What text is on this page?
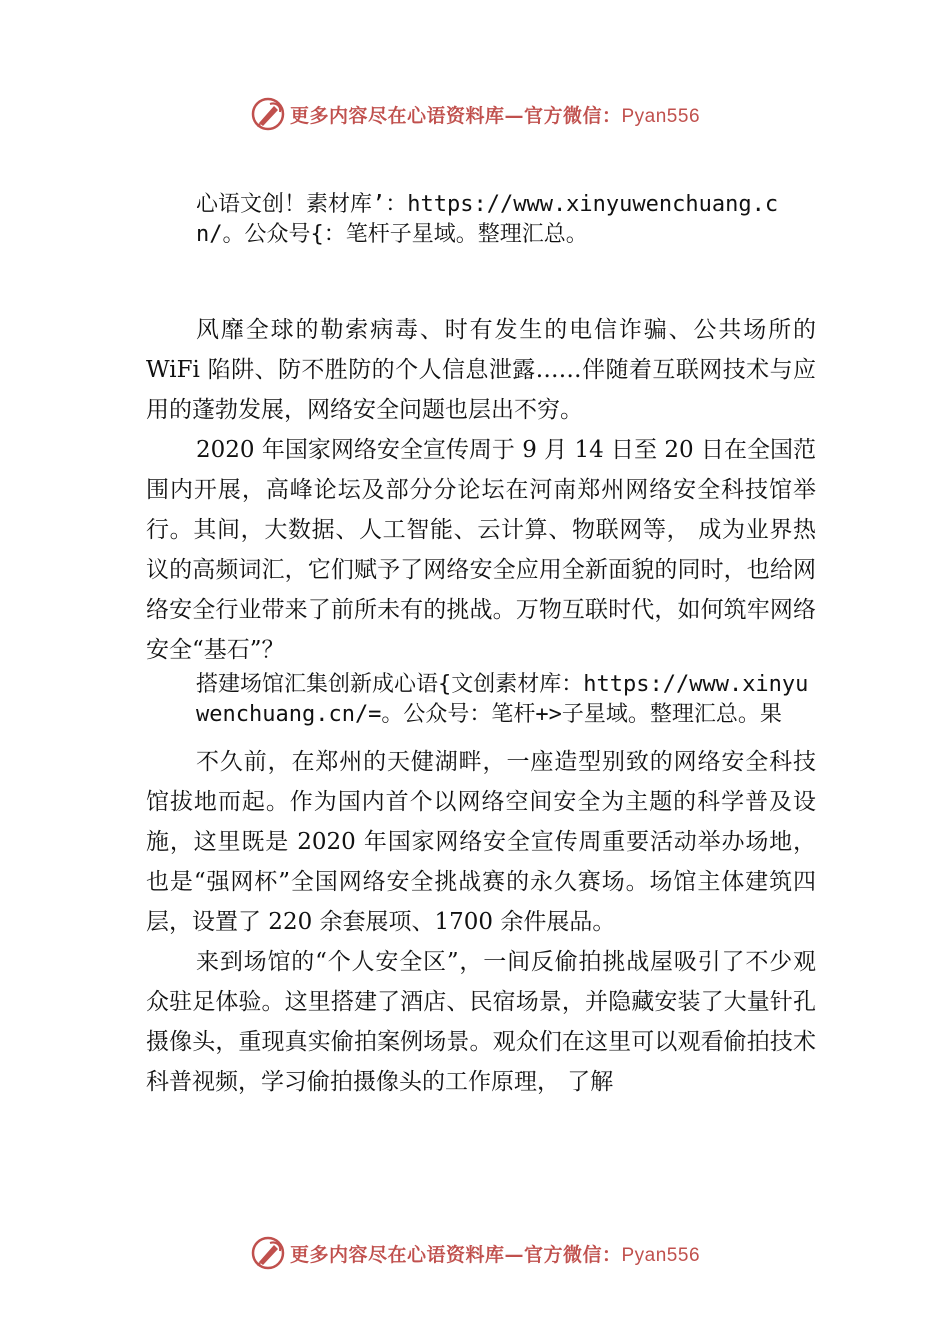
更多内容尽在心语资料库—官方微信：Pyan556
心语文创！素材库’：https://www.xinyuwenchuang.cn/。公众号{：笔杆子星域。整理汇总。

风靡全球的勒索病毒、时有发生的电信诈骗、公共场所的 WiFi 陷阱、防不胜防的个人信息泄露……伴随着互联网技术与应用的蓬勃发展，网络安全问题也层出不穷。

2020 年国家网络安全宣传周于 9 月 14 日至 20 日在全国范围内开展，高峰论坛及部分分论坛在河南郑州网络安全科技馆举行。其间，大数据、人工智能、云计算、物联网等， 成为业界热议的高频词汇，它们赋予了网络安全应用全新面貌的同时，也给网络安全行业带来了前所未有的挑战。万物互联时代，如何筑牢网络安全“基石”？

搭建场馆汇集创新成心语{文创素材库：https://www.xinyuwenchuang.cn/=。公众号：笔杆+>子星域。整理汇总。果

不久前，在郑州的天健湖畔，一座造型别致的网络安全科技馆拔地而起。作为国内首个以网络空间安全为主题的科学普及设施，这里既是 2020 年国家网络安全宣传周重要活动举办场地，也是“强网杯”全国网络安全挑战赛的永久赛场。场馆主体建筑四层，设置了 220 余套展项、1700 余件展品。

来到场馆的“个人安全区”，一间反偷拍挑战屋吸引了不少观众驻足体验。这里搭建了酒店、民宿场景，并隐藏安装了大量针孔摄像头，重现真实偷拍案例场景。观众们在这里可以观看偷拍技术科普视频，学习偷拍摄像头的工作原理， 了解

更多内容尽在心语资料库—官方微信：Pyan556
